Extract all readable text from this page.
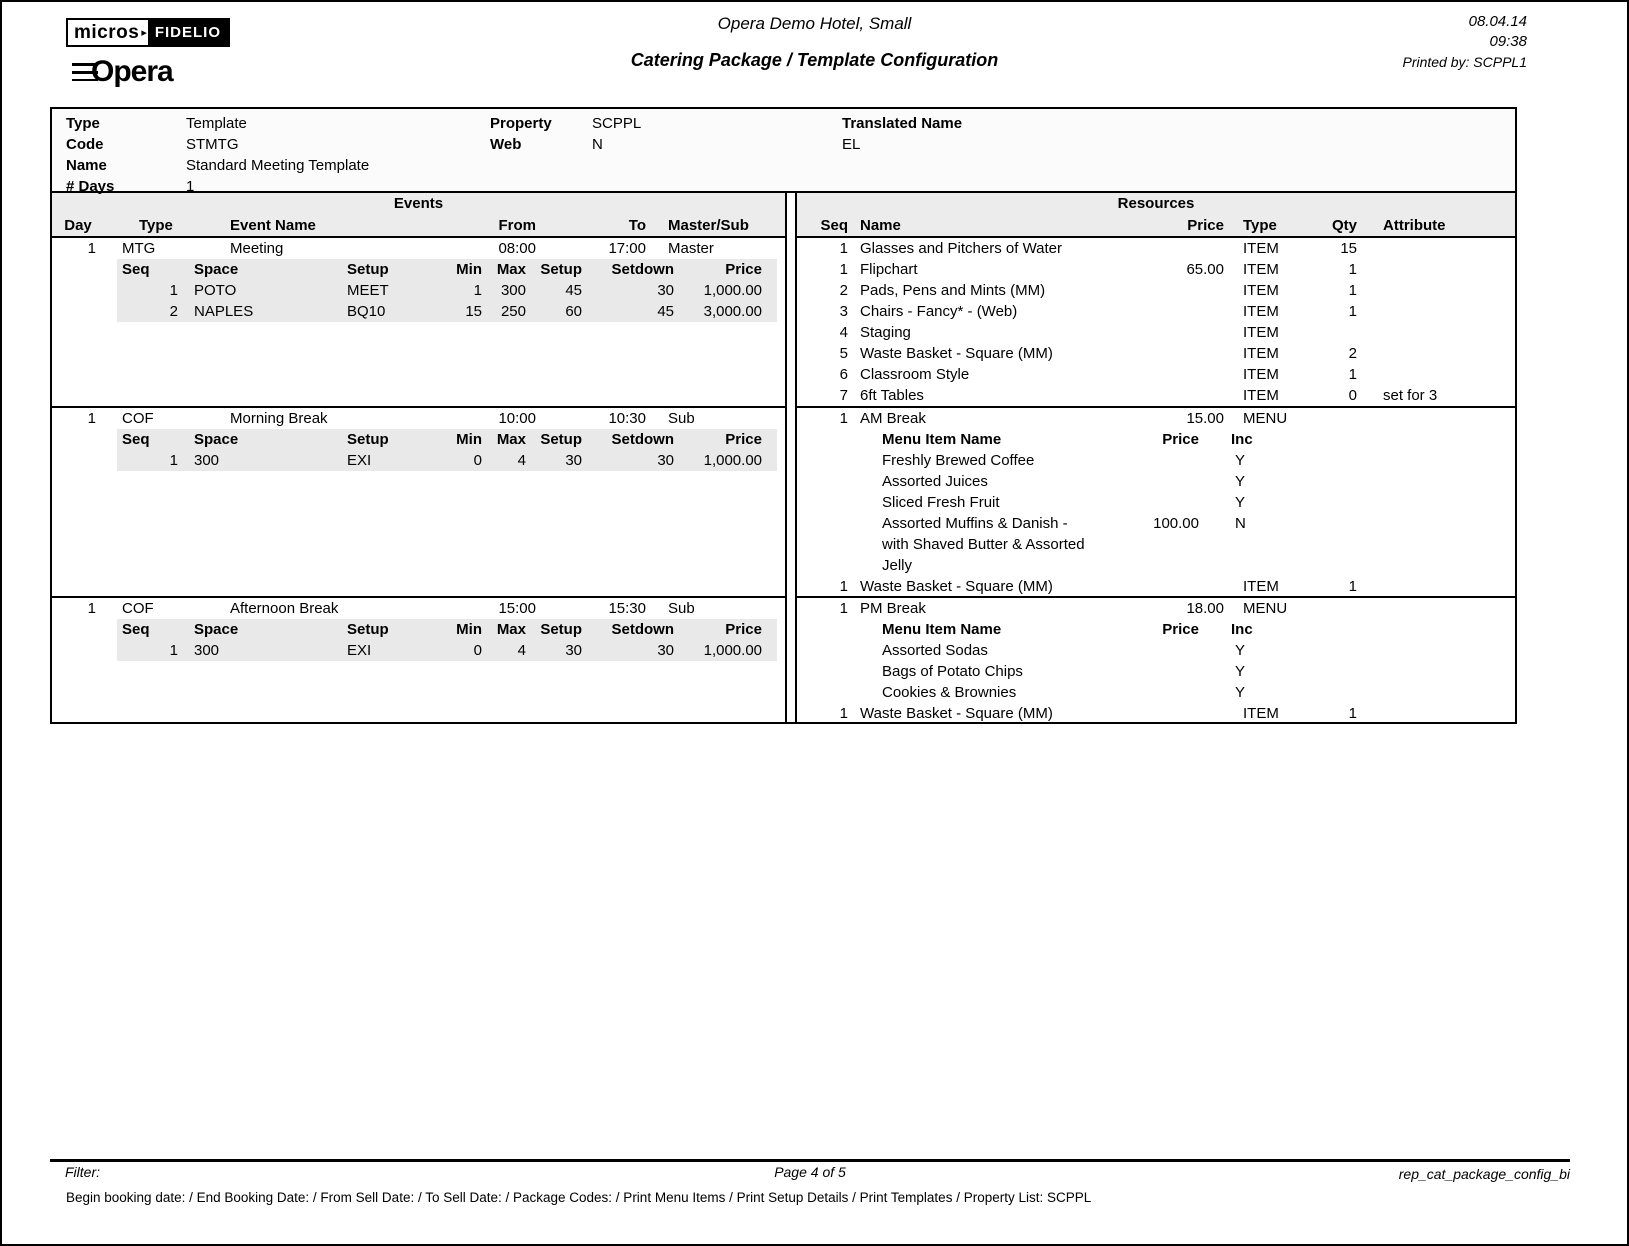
micros ▸ FIDELIO
Opera
Opera Demo Hotel, Small
Catering Package / Template Configuration
08.04.14
09:38
Printed by: SCPPL1
Type	Template
Code	STMTG
Name	Standard Meeting Template
# Days	1
Property	SCPPL
Web	N
Translated Name
EL
Events
Day	Type	Event Name	From	To	Master/Sub
1	MTG	Meeting	08:00	17:00	Master
Seq	Space	Setup	Min	Max	Setup	Setdown	Price
1	POTO	MEET	1	300	45	30	1,000.00
2	NAPLES	BQ10	15	250	60	45	3,000.00
1	COF	Morning Break	10:00	10:30	Sub
Seq	Space	Setup	Min	Max	Setup	Setdown	Price
1	300	EXI	0	4	30	30	1,000.00
1	COF	Afternoon Break	15:00	15:30	Sub
Seq	Space	Setup	Min	Max	Setup	Setdown	Price
1	300	EXI	0	4	30	30	1,000.00
Resources
Seq	Name	Price	Type	Qty	Attribute
1	Glasses and Pitchers of Water		ITEM	15	
1	Flipchart	65.00	ITEM	1	
2	Pads, Pens and Mints (MM)		ITEM	1	
3	Chairs - Fancy* - (Web)		ITEM	1	
4	Staging		ITEM		
5	Waste Basket - Square (MM)		ITEM	2	
6	Classroom Style		ITEM	1	
7	6ft Tables		ITEM	0	set for 3
1	AM Break	15.00	MENU		
	Menu Item Name	Price	Inc		
	Freshly Brewed Coffee		Y		
	Assorted Juices		Y		
	Sliced Fresh Fruit		Y		
	Assorted Muffins & Danish - with Shaved Butter & Assorted Jelly	100.00	N		
1	Waste Basket - Square (MM)		ITEM	1	
1	PM Break	18.00	MENU		
	Menu Item Name	Price	Inc		
	Assorted Sodas		Y		
	Bags of Potato Chips		Y		
	Cookies & Brownies		Y		
1	Waste Basket - Square (MM)		ITEM	1	
Filter:	Page 4 of 5	rep_cat_package_config_bi
Begin booking date: / End Booking Date: / From Sell Date: / To Sell Date: / Package Codes: / Print Menu Items / Print Setup Details / Print Templates / Property List: SCPPL
